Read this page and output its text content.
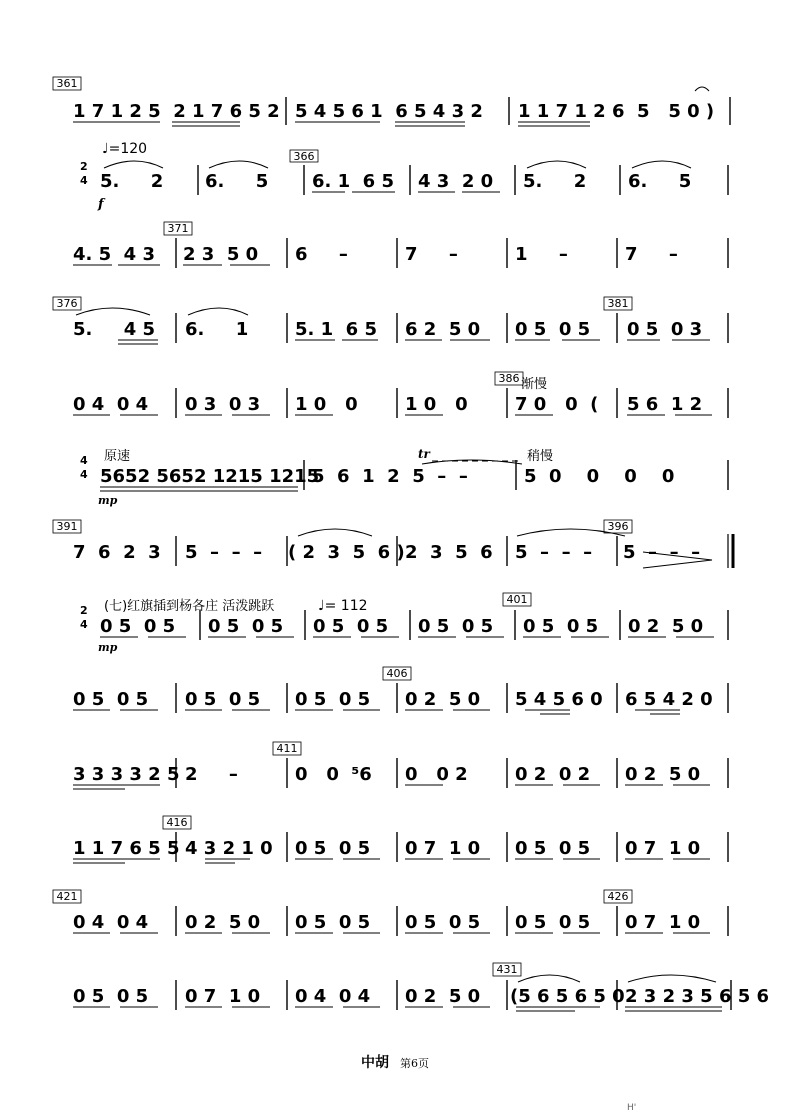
361
1 7 1 2 5  2 1 7 6 5 2 5 4 5 6 1  6 5 4 3 2 1 1 7 1 2 6  5   5 0 )
2
4
♩=120
f
366
5.     2 6.     5 6. 1  6 5 4 3  2 0 5.     2 6.     5
371
4. 5  4 3 2 3  5 0 6     –	7     –	1     –	7     –
376	381
5.     4 5 6.     1	5. 1  6 5 6 2  5 0 0 5  0 5 0 5  0 3
386 渐慢
0 4  0 4 0 3  0 3 1 0   0	1 0   0	7 0   0  ( 5 6  1 2
4
4
原速
mp
tr	稍慢
5652 5652 1215 1215
5  6  1  2  5  –  –	5  0    0    0    0
391	396
7  6  2  3 5  –  –  – ( 2  3  5  6 ) 2  3  5  6 5  –  –  – 5  –  –  –
2
4
(七)红旗插到杨各庄 活泼跳跃	♩= 112
mp
401
0 5  0 5 0 5  0 5 0 5  0 5 0 5  0 5 0 5  0 5 0 2  5 0
406
0 5  0 5 0 5  0 5 0 5  0 5 0 2  5 0 5 4 5 6 0 6 5 4 2 0
411
3 3 3 3 2 5 2     –	0   0  ⁵6 0   0 2	0 2  0 2 0 2  5 0
416
1 1 7 6 5 5 4 3 2 1 0 0 5  0 5 0 7  1 0 0 5  0 5 0 7  1 0
421	426
0 4  0 4 0 2  5 0 0 5  0 5 0 5  0 5 0 5  0 5 0 7  1 0
431
0 5  0 5 0 7  1 0 0 4  0 4 0 2  5 0 (5 6 5 6 5 0 2 3 2 3 5 6 5 6
中胡 第6页
H'
